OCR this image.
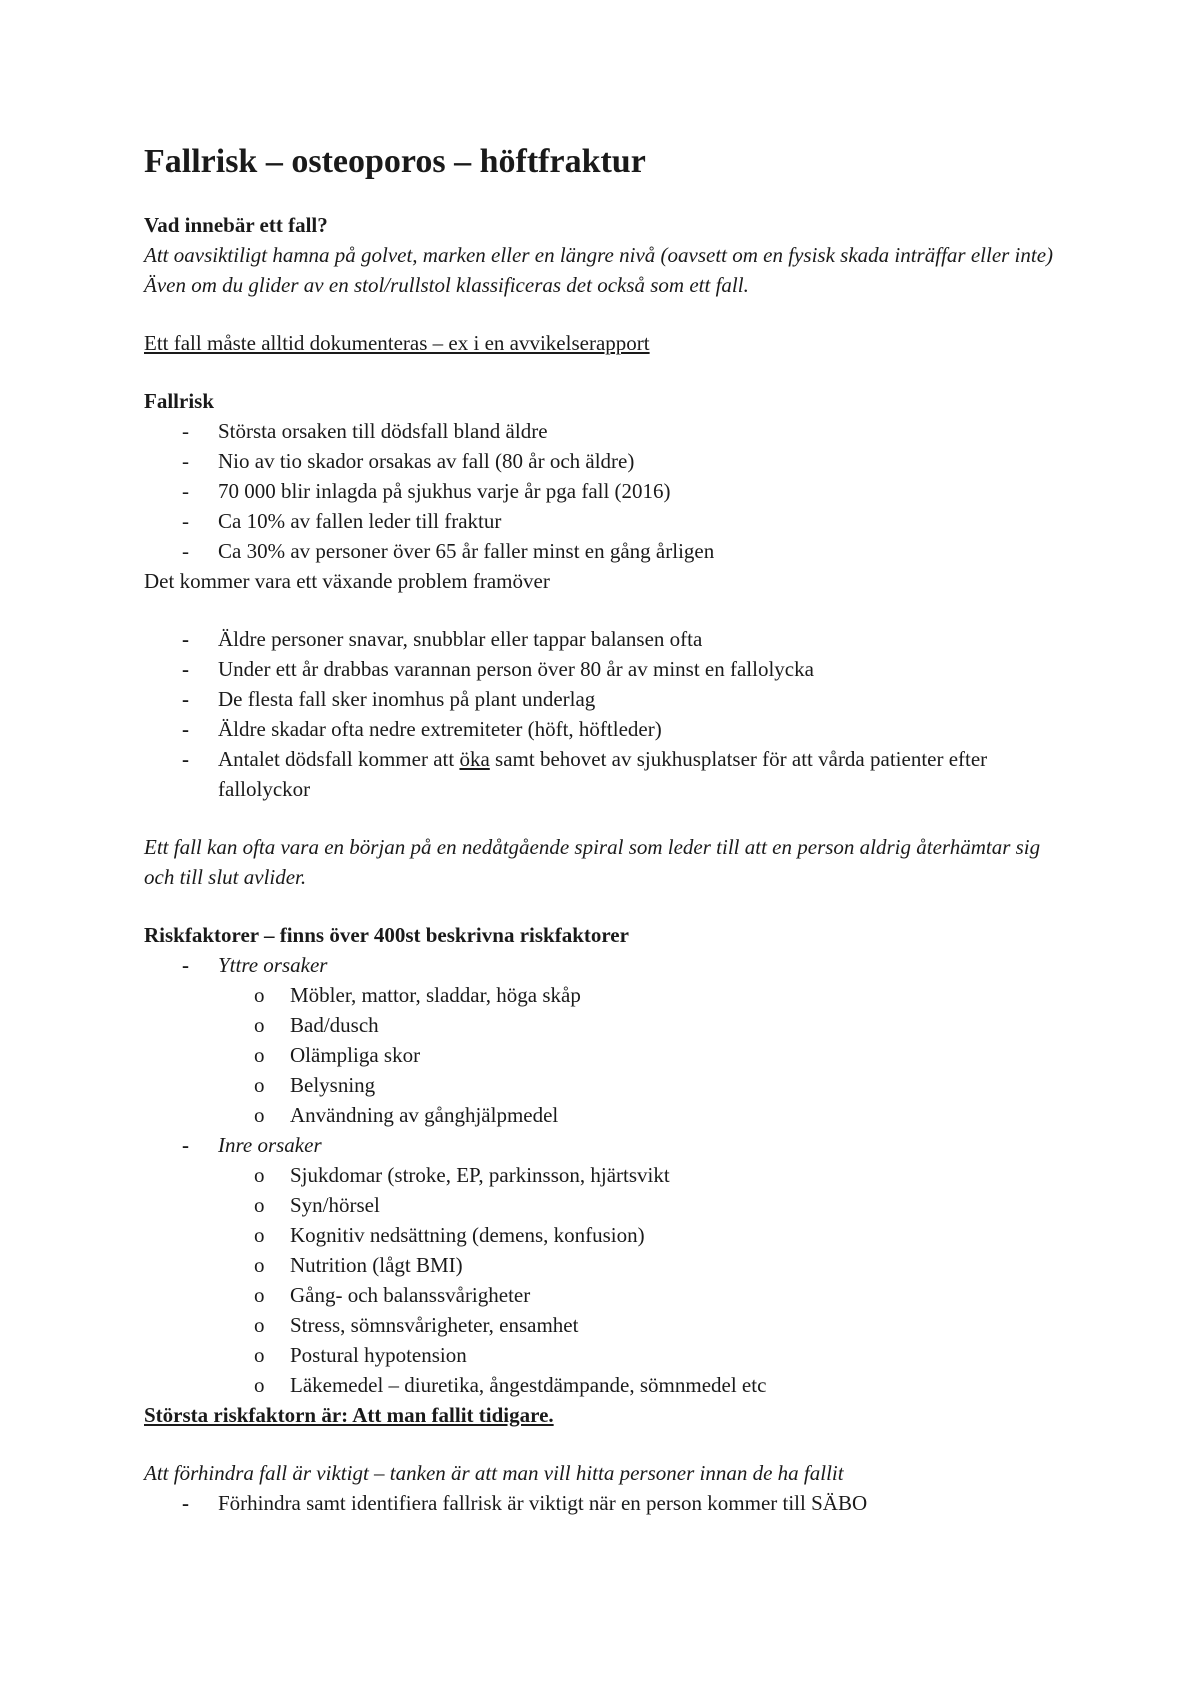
Fallrisk – osteoporos – höftfraktur

Vad innebär ett fall?

Att oavsiktiligt hamna på golvet, marken eller en längre nivå (oavsett om en fysisk skada inträffar eller inte)

Även om du glider av en stol/rullstol klassificeras det också som ett fall.

Ett fall måste alltid dokumenteras – ex i en avvikelserapport

Fallrisk

- Största orsaken till dödsfall bland äldre
- Nio av tio skador orsakas av fall (80 år och äldre)
- 70 000 blir inlagda på sjukhus varje år pga fall (2016)
- Ca 10% av fallen leder till fraktur
- Ca 30% av personer över 65 år faller minst en gång årligen

Det kommer vara ett växande problem framöver

- Äldre personer snavar, snubblar eller tappar balansen ofta
- Under ett år drabbas varannan person över 80 år av minst en fallolycka
- De flesta fall sker inomhus på plant underlag
- Äldre skadar ofta nedre extremiteter (höft, höftleder)
- Antalet dödsfall kommer att öka samt behovet av sjukhusplatser för att vårda patienter efter fallolyckor

Ett fall kan ofta vara en början på en nedåtgående spiral som leder till att en person aldrig återhämtar sig och till slut avlider.

Riskfaktorer – finns över 400st beskrivna riskfaktorer

- Yttre orsaker
o Möbler, mattor, sladdar, höga skåp
o Bad/dusch
o Olämpliga skor
o Belysning
o Användning av gånghjälpmedel
- Inre orsaker
o Sjukdomar (stroke, EP, parkinsson, hjärtsvikt
o Syn/hörsel
o Kognitiv nedsättning (demens, konfusion)
o Nutrition (lågt BMI)
o Gång- och balanssvårigheter
o Stress, sömnsvårigheter, ensamhet
o Postural hypotension
o Läkemedel – diuretika, ångestdämpande, sömnmedel etc

Största riskfaktorn är: Att man fallit tidigare.

Att förhindra fall är viktigt – tanken är att man vill hitta personer innan de ha fallit

- Förhindra samt identifiera fallrisk är viktigt när en person kommer till SÄBO
